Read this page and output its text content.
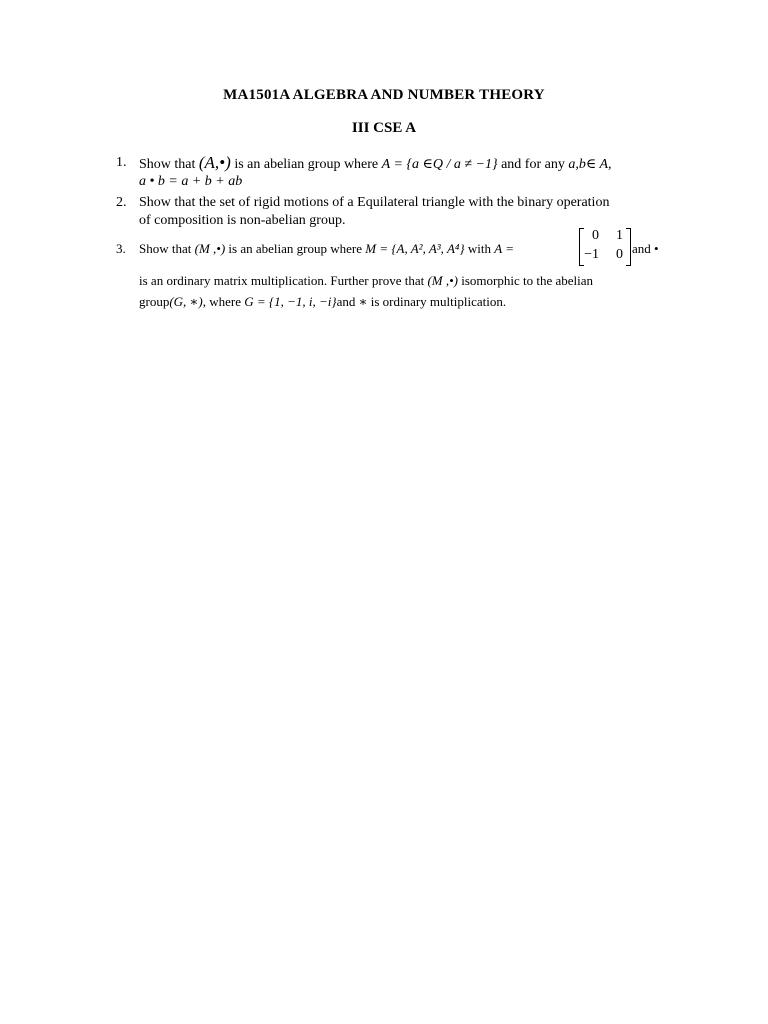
MA1501A ALGEBRA AND NUMBER THEORY
III CSE A
1. Show that (A,•) is an abelian group where A = {a ∈Q / a ≠ −1} and for any a,b∈ A,
a • b = a + b + ab
2. Show that the set of rigid motions of a Equilateral triangle with the binary operation
of composition is non-abelian group.
3. Show that (M ,•) is an abelian group where M = {A, A², A³, A⁴} with A =	and •
is an ordinary matrix multiplication. Further prove that (M ,•) isomorphic to the abelian
group(G, ∗), where G = {1, −1, i, −i}and ∗ is ordinary multiplication.
0	1
−1	0
